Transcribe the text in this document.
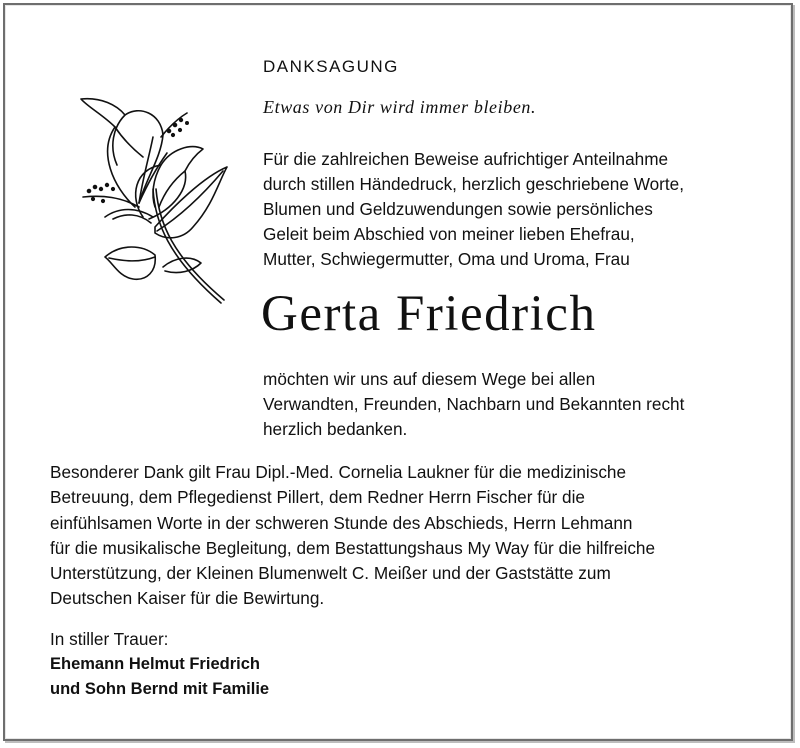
DANKSAGUNG
Etwas von Dir wird immer bleiben.
Für die zahlreichen Beweise aufrichtiger Anteilnahme
durch stillen Händedruck, herzlich geschriebene Worte,
Blumen und Geldzuwendungen sowie persönliches
Geleit beim Abschied von meiner lieben Ehefrau,
Mutter, Schwiegermutter, Oma und Uroma, Frau
Gerta Friedrich
möchten wir uns auf diesem Wege bei allen
Verwandten, Freunden, Nachbarn und Bekannten recht
herzlich bedanken.
Besonderer Dank gilt Frau Dipl.-Med. Cornelia Laukner für die medizinische
Betreuung, dem Pflegedienst Pillert, dem Redner Herrn Fischer für die
einfühlsamen Worte in der schweren Stunde des Abschieds, Herrn Lehmann
für die musikalische Begleitung, dem Bestattungshaus My Way für die hilfreiche
Unterstützung, der Kleinen Blumenwelt C. Meißer und der Gaststätte zum
Deutschen Kaiser für die Bewirtung.
In stiller Trauer:
Ehemann Helmut Friedrich
und Sohn Bernd mit Familie
